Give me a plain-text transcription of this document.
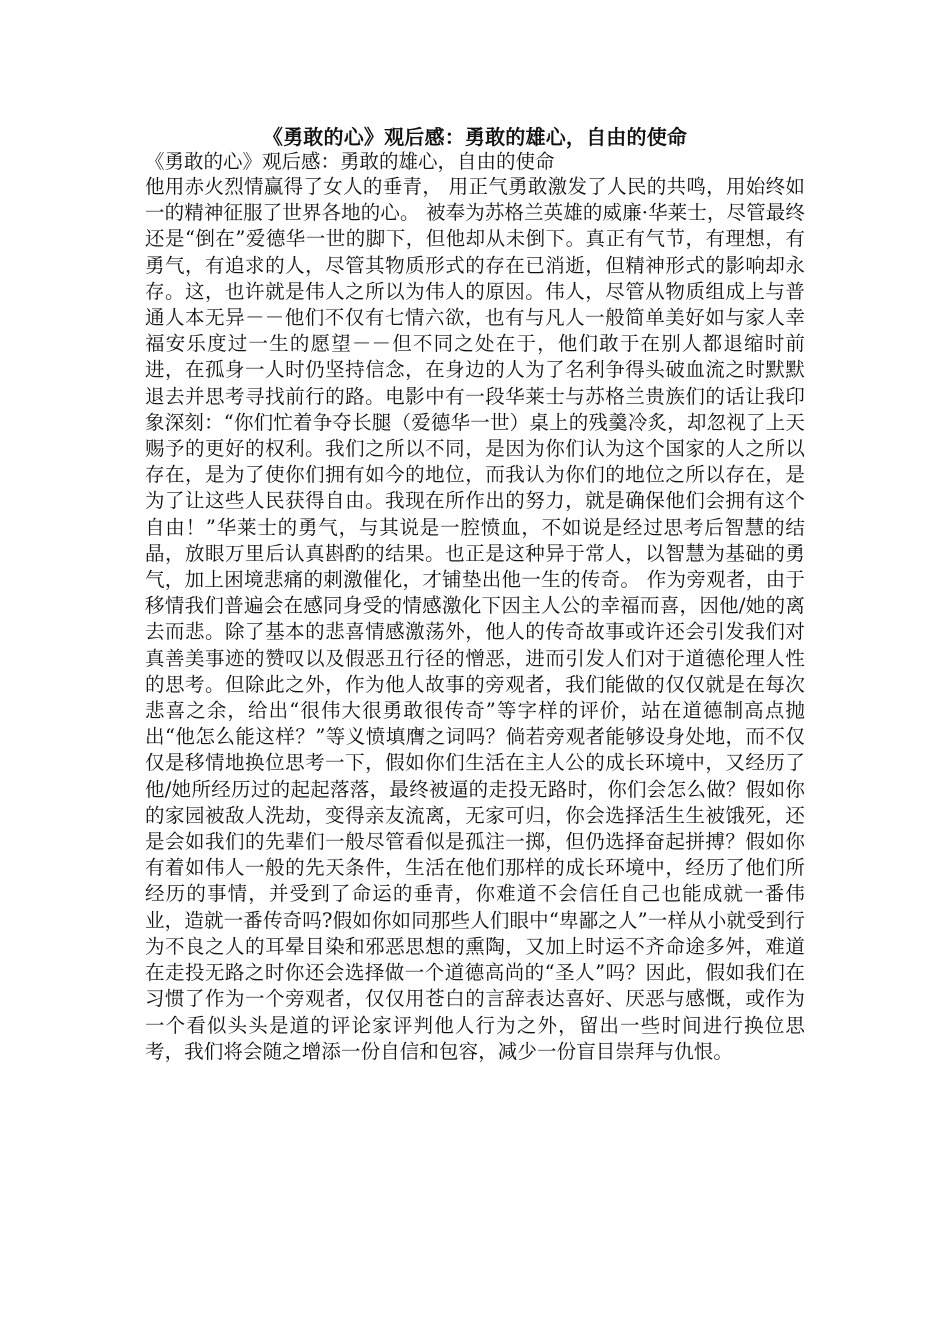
《勇敢的心》观后感：勇敢的雄心，自由的使命

《勇敢的心》观后感：勇敢的雄心，自由的使命

他用赤火烈情赢得了女人的垂青， 用正气勇敢激发了人民的共鸣，用始终如一的精神征服了世界各地的心。 被奉为苏格兰英雄的威廉·华莱士，尽管最终还是“倒在”爱德华一世的脚下，但他却从未倒下。真正有气节，有理想，有勇气，有追求的人，尽管其物质形式的存在已消逝，但精神形式的影响却永存。这，也许就是伟人之所以为伟人的原因。伟人，尽管从物质组成上与普通人本无异－－他们不仅有七情六欲，也有与凡人一般简单美好如与家人幸福安乐度过一生的愿望－－但不同之处在于，他们敢于在别人都退缩时前进，在孤身一人时仍坚持信念，在身边的人为了名利争得头破血流之时默默退去并思考寻找前行的路。电影中有一段华莱士与苏格兰贵族们的话让我印象深刻：“你们忙着争夺长腿（爱德华一世）桌上的残羹冷炙，却忽视了上天赐予的更好的权利。我们之所以不同，是因为你们认为这个国家的人之所以存在，是为了使你们拥有如今的地位，而我认为你们的地位之所以存在，是为了让这些人民获得自由。我现在所作出的努力，就是确保他们会拥有这个自由！”华莱士的勇气，与其说是一腔愤血，不如说是经过思考后智慧的结晶，放眼万里后认真斟酌的结果。也正是这种异于常人，以智慧为基础的勇气，加上困境悲痛的刺激催化，才铺垫出他一生的传奇。 作为旁观者，由于移情我们普遍会在感同身受的情感激化下因主人公的幸福而喜，因他/她的离去而悲。除了基本的悲喜情感激荡外，他人的传奇故事或许还会引发我们对真善美事迹的赞叹以及假恶丑行径的憎恶，进而引发人们对于道德伦理人性的思考。但除此之外，作为他人故事的旁观者，我们能做的仅仅就是在每次悲喜之余，给出“很伟大很勇敢很传奇”等字样的评价，站在道德制高点抛出“他怎么能这样？”等义愤填膺之词吗？倘若旁观者能够设身处地，而不仅仅是移情地换位思考一下，假如你们生活在主人公的成长环境中，又经历了他/她所经历过的起起落落，最终被逼的走投无路时，你们会怎么做？假如你的家园被敌人洗劫，变得亲友流离，无家可归，你会选择活生生被饿死，还是会如我们的先辈们一般尽管看似是孤注一掷，但仍选择奋起拼搏？假如你有着如伟人一般的先天条件，生活在他们那样的成长环境中，经历了他们所经历的事情，并受到了命运的垂青，你难道不会信任自己也能成就一番伟业，造就一番传奇吗?假如你如同那些人们眼中“卑鄙之人”一样从小就受到行为不良之人的耳晕目染和邪恶思想的熏陶，又加上时运不齐命途多舛，难道在走投无路之时你还会选择做一个道德高尚的“圣人”吗？因此，假如我们在习惯了作为一个旁观者，仅仅用苍白的言辞表达喜好、厌恶与感慨，或作为一个看似头头是道的评论家评判他人行为之外，留出一些时间进行换位思考，我们将会随之增添一份自信和包容，减少一份盲目崇拜与仇恨。
